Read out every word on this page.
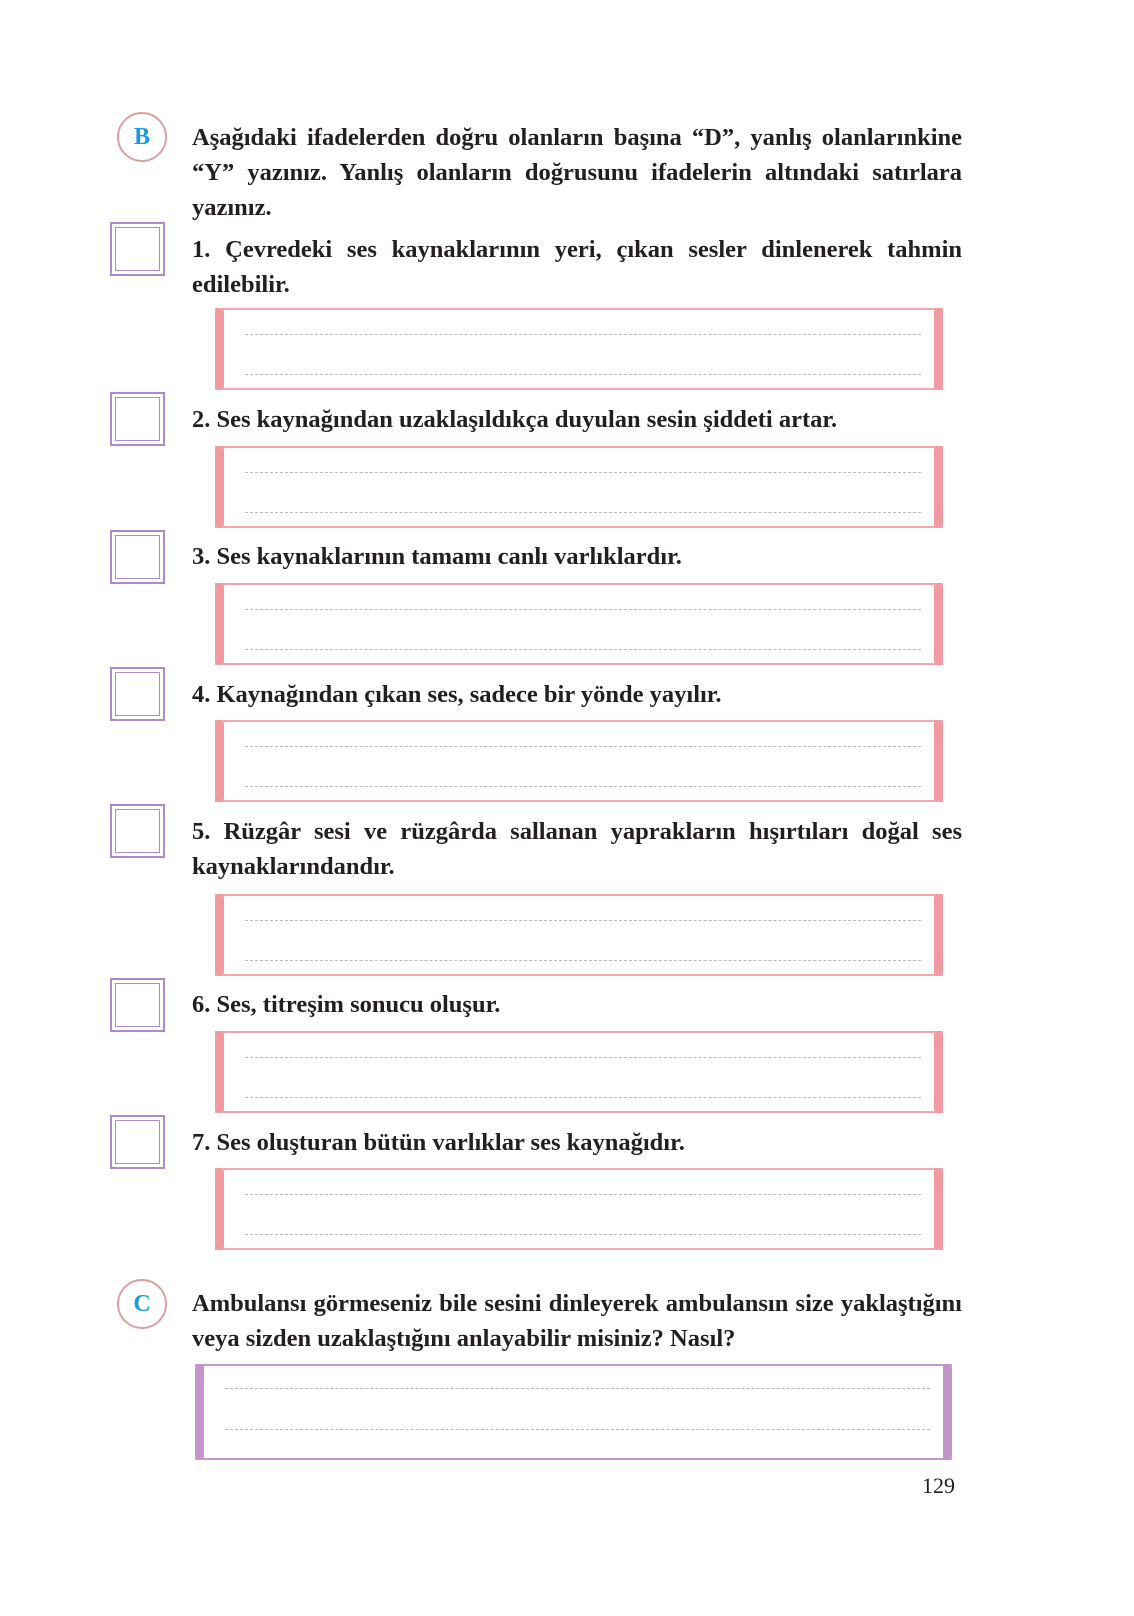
B	Aşağıdaki ifadelerden doğru olanların başına “D”, yanlış olanlarınkine “Y” yazınız. Yanlış olanların doğrusunu ifadelerin altındaki satırlara yazınız.
1. Çevredeki ses kaynaklarının yeri, çıkan sesler dinlenerek tahmin edilebilir.
2. Ses kaynağından uzaklaşıldıkça duyulan sesin şiddeti artar.
3. Ses kaynaklarının tamamı canlı varlıklardır.
4. Kaynağından çıkan ses, sadece bir yönde yayılır.
5. Rüzgâr sesi ve rüzgârda sallanan yaprakların hışırtıları doğal ses kaynaklarındandır.
6. Ses, titreşim sonucu oluşur.
7. Ses oluşturan bütün varlıklar ses kaynağıdır.
C	Ambulansı görmeseniz bile sesini dinleyerek ambulansın size yaklaştığını veya sizden uzaklaştığını anlayabilir misiniz? Nasıl?
129
